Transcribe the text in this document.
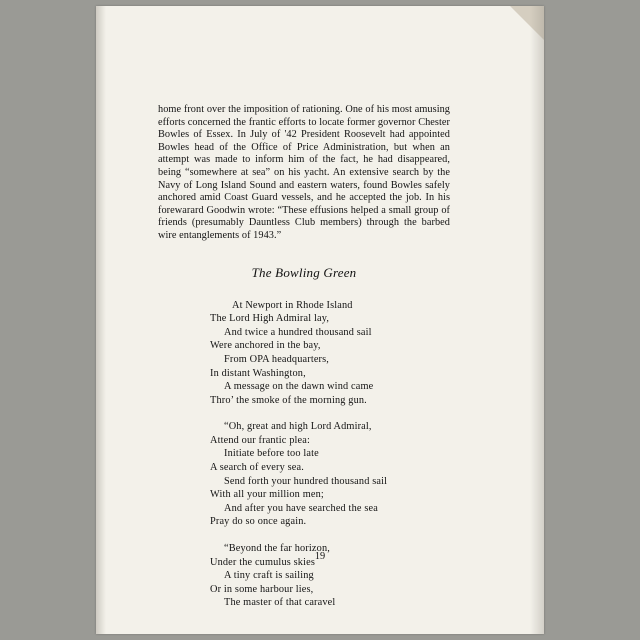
home front over the imposition of rationing. One of his most amusing efforts concerned the frantic efforts to locate former governor Chester Bowles of Essex. In July of '42 President Roosevelt had appointed Bowles head of the Office of Price Administration, but when an attempt was made to inform him of the fact, he had disappeared, being “somewhere at sea” on his yacht. An extensive search by the Navy of Long Island Sound and eastern waters, found Bowles safely anchored amid Coast Guard vessels, and he accepted the job. In his forewarard Goodwin wrote: “These effusions helped a small group of friends (presumably Dauntless Club members) through the barbed wire entanglements of 1943.”

The Bowling Green
At Newport in Rhode Island
The Lord High Admiral lay,
And twice a hundred thousand sail
Were anchored in the bay,
From OPA headquarters,
In distant Washington,
A message on the dawn wind came
Thro’ the smoke of the morning gun.
“Oh, great and high Lord Admiral,
Attend our frantic plea:
Initiate before too late
A search of every sea.
Send forth your hundred thousand sail
With all your million men;
And after you have searched the sea
Pray do so once again.
“Beyond the far horizon,
Under the cumulus skies
A tiny craft is sailing
Or in some harbour lies,
The master of that caravel
19
